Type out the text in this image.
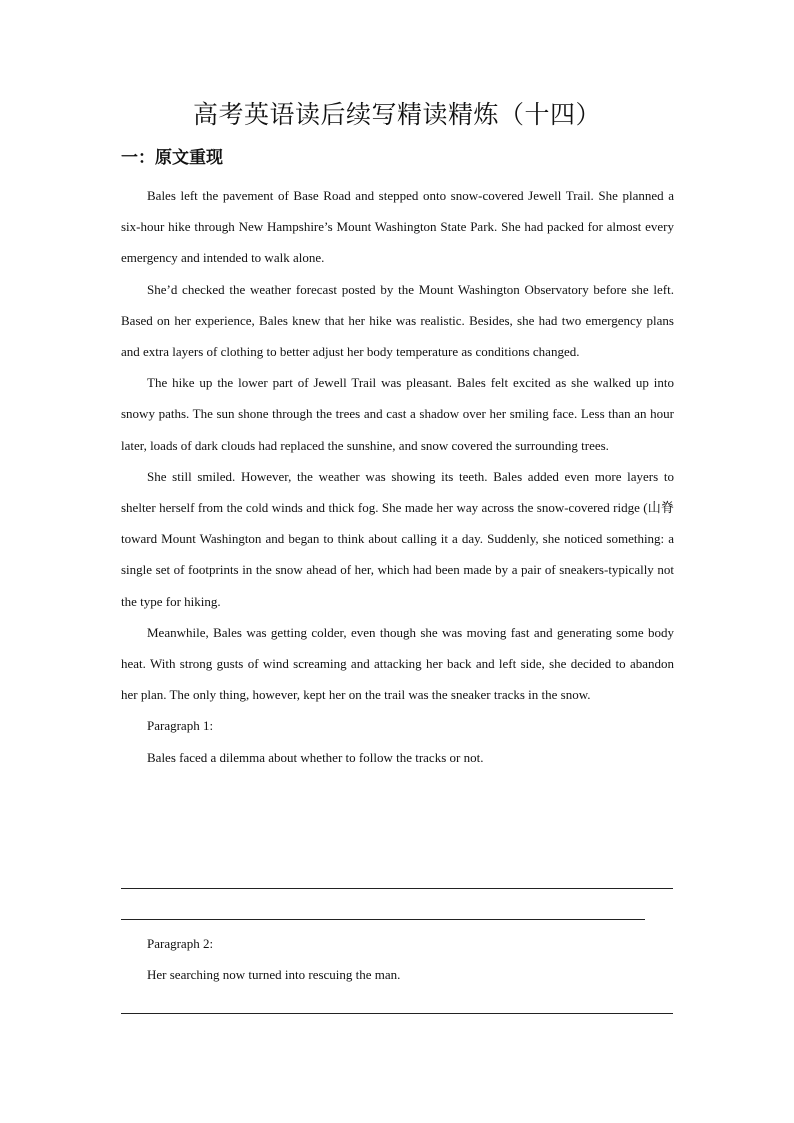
高考英语读后续写精读精炼（十四）
一：原文重现

Bales left the pavement of Base Road and stepped onto snow-covered Jewell Trail. She planned a six-hour hike through New Hampshire’s Mount Washington State Park. She had packed for almost every emergency and intended to walk alone.

She’d checked the weather forecast posted by the Mount Washington Observatory before she left. Based on her experience, Bales knew that her hike was realistic. Besides, she had two emergency plans and extra layers of clothing to better adjust her body temperature as conditions changed.

The hike up the lower part of Jewell Trail was pleasant. Bales felt excited as she walked up into snowy paths. The sun shone through the trees and cast a shadow over her smiling face. Less than an hour later, loads of dark clouds had replaced the sunshine, and snow covered the surrounding trees.

She still smiled. However, the weather was showing its teeth. Bales added even more layers to shelter herself from the cold winds and thick fog. She made her way across the snow-covered ridge (山脊 toward Mount Washington and began to think about calling it a day. Suddenly, she noticed something: a single set of footprints in the snow ahead of her, which had been made by a pair of sneakers-typically not the type for hiking.

Meanwhile, Bales was getting colder, even though she was moving fast and generating some body heat. With strong gusts of wind screaming and attacking her back and left side, she decided to abandon her plan. The only thing, however, kept her on the trail was the sneaker tracks in the snow.

Paragraph 1:

Bales faced a dilemma about whether to follow the tracks or not.

Paragraph 2:

Her searching now turned into rescuing the man.
